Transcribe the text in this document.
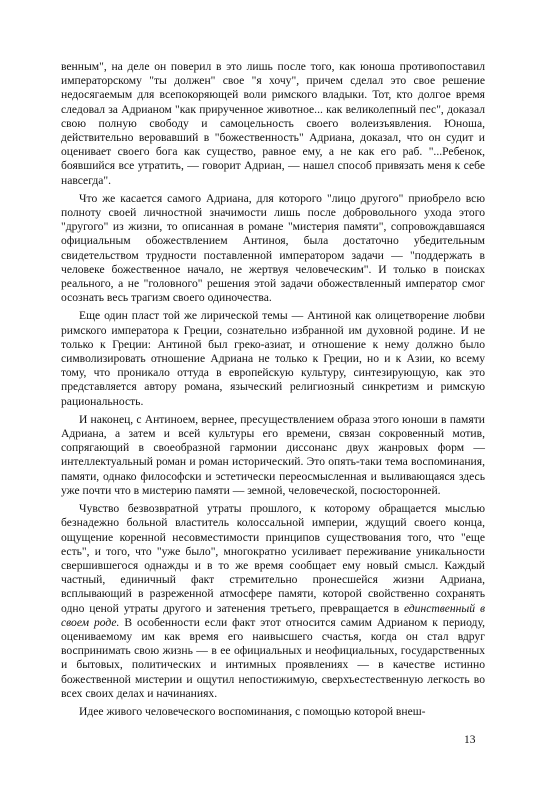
венным", на деле он поверил в это лишь после того, как юноша противопоставил императорскому "ты должен" свое "я хочу", причем сделал это свое решение недосягаемым для всепокоряющей воли римского владыки. Тот, кто долгое время следовал за Адрианом "как прирученное животное... как великолепный пес", доказал свою полную свободу и самоцельность своего волеизъявления. Юноша, действительно веровавший в "божественность" Адриана, доказал, что он судит и оценивает своего бога как существо, равное ему, а не как его раб. "...Ребенок, боявшийся все утратить, — говорит Адриан, — нашел способ привязать меня к себе навсегда".

Что же касается самого Адриана, для которого "лицо другого" приобрело всю полноту своей личностной значимости лишь после добровольного ухода этого "другого" из жизни, то описанная в романе "мистерия памяти", сопровождавшаяся официальным обожествлением Антиноя, была достаточно убедительным свидетельством трудности поставленной императором задачи — "поддержать в человеке божественное начало, не жертвуя человеческим". И только в поисках реального, а не "головного" решения этой задачи обожествленный император смог осознать весь трагизм своего одиночества.

Еще один пласт той же лирической темы — Антиной как олицетворение любви римского императора к Греции, сознательно избранной им духовной родине. И не только к Греции: Антиной был греко-азиат, и отношение к нему должно было символизировать отношение Адриана не только к Греции, но и к Азии, ко всему тому, что проникало оттуда в европейскую культуру, синтезирующую, как это представляется автору романа, языческий религиозный синкретизм и римскую рациональность.

И наконец, с Антиноем, вернее, пресуществлением образа этого юноши в памяти Адриана, а затем и всей культуры его времени, связан сокровенный мотив, сопрягающий в своеобразной гармонии диссонанс двух жанровых форм — интеллектуальный роман и роман исторический. Это опять-таки тема воспоминания, памяти, однако философски и эстетически переосмысленная и выливающаяся здесь уже почти что в мистерию памяти — земной, человеческой, посюсторонней.

Чувство безвозвратной утраты прошлого, к которому обращается мыслью безнадежно больной властитель колоссальной империи, ждущий своего конца, ощущение коренной несовместимости принципов существования того, что "еще есть", и того, что "уже было", многократно усиливает переживание уникальности свершившегося однажды и в то же время сообщает ему новый смысл. Каждый частный, единичный факт стремительно пронесшейся жизни Адриана, всплывающий в разреженной атмосфере памяти, которой свойственно сохранять одно ценой утраты другого и затенения третьего, превращается в единственный в своем роде. В особенности если факт этот относится самим Адрианом к периоду, оцениваемому им как время его наивысшего счастья, когда он стал вдруг воспринимать свою жизнь — в ее официальных и неофициальных, государственных и бытовых, политических и интимных проявлениях — в качестве истинно божественной мистерии и ощутил непостижимую, сверхъестественную легкость во всех своих делах и начинаниях.

Идее живого человеческого воспоминания, с помощью которой внеш-

13
